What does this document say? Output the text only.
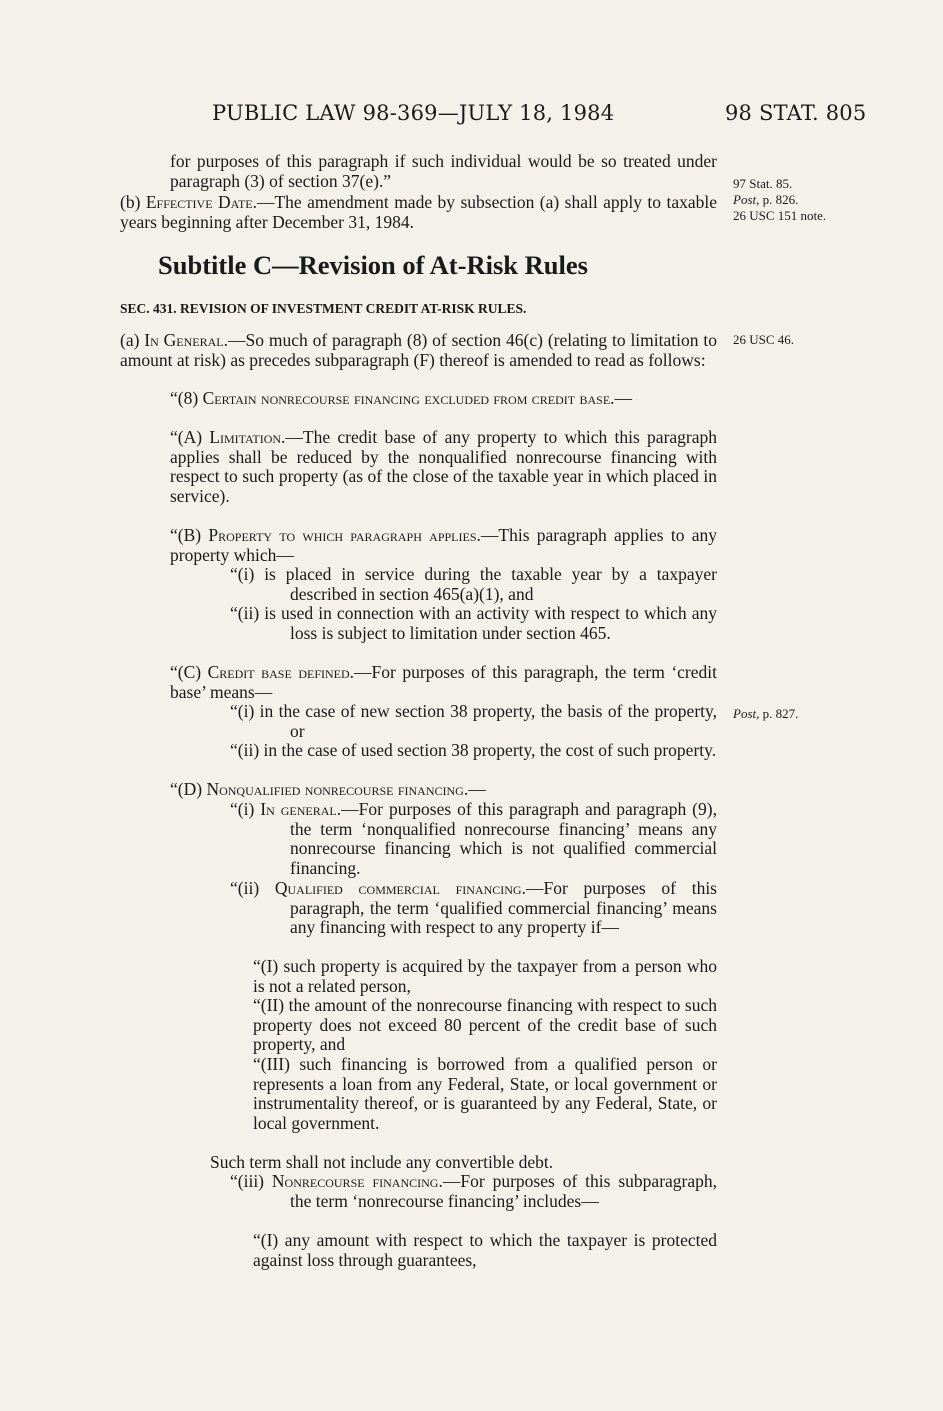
PUBLIC LAW 98-369—JULY 18, 1984	98 STAT. 805
Subtitle C—Revision of At-Risk Rules
SEC. 431. REVISION OF INVESTMENT CREDIT AT-RISK RULES.
for purposes of this paragraph if such individual would be so treated under paragraph (3) of section 37(e).”
(b) Effective Date.—The amendment made by subsection (a) shall apply to taxable years beginning after December 31, 1984.
(a) In General.—So much of paragraph (8) of section 46(c) (relating to limitation to amount at risk) as precedes subparagraph (F) thereof is amended to read as follows:
“(8) Certain nonrecourse financing excluded from credit base.—
“(A) Limitation.—The credit base of any property to which this paragraph applies shall be reduced by the nonqualified nonrecourse financing with respect to such property (as of the close of the taxable year in which placed in service).
“(B) Property to which paragraph applies.—This paragraph applies to any property which—
“(i) is placed in service during the taxable year by a taxpayer described in section 465(a)(1), and
“(ii) is used in connection with an activity with respect to which any loss is subject to limitation under section 465.
“(C) Credit base defined.—For purposes of this paragraph, the term ‘credit base’ means—
“(i) in the case of new section 38 property, the basis of the property, or
“(ii) in the case of used section 38 property, the cost of such property.
“(D) Nonqualified nonrecourse financing.—
“(i) In general.—For purposes of this paragraph and paragraph (9), the term ‘nonqualified nonrecourse financing’ means any nonrecourse financing which is not qualified commercial financing.
“(ii) Qualified commercial financing.—For purposes of this paragraph, the term ‘qualified commercial financing’ means any financing with respect to any property if—
“(I) such property is acquired by the taxpayer from a person who is not a related person,
“(II) the amount of the nonrecourse financing with respect to such property does not exceed 80 percent of the credit base of such property, and
“(III) such financing is borrowed from a qualified person or represents a loan from any Federal, State, or local government or instrumentality thereof, or is guaranteed by any Federal, State, or local government.
Such term shall not include any convertible debt.
“(iii) Nonrecourse financing.—For purposes of this subparagraph, the term ‘nonrecourse financing’ includes—
“(I) any amount with respect to which the taxpayer is protected against loss through guarantees,
97 Stat. 85.
Post, p. 826.
26 USC 151 note.
26 USC 46.
Post, p. 827.
